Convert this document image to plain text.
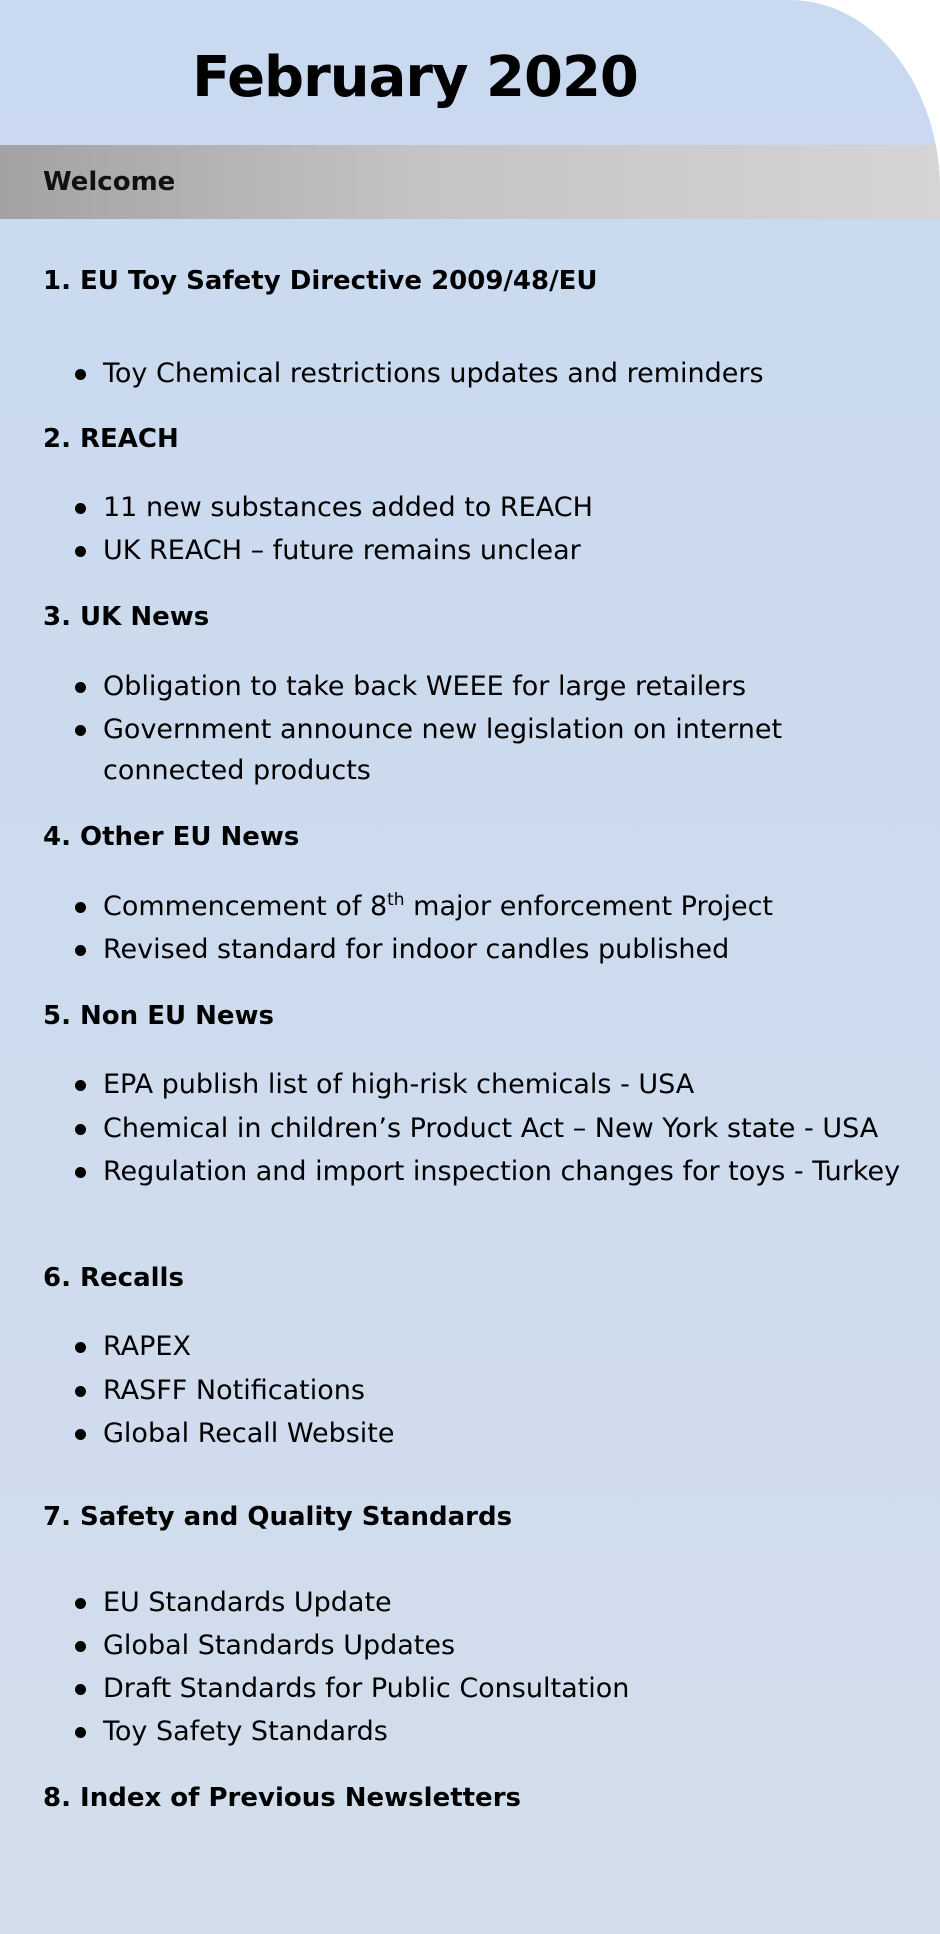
February 2020
Welcome
1. EU Toy Safety Directive 2009/48/EU
Toy Chemical restrictions updates and reminders
2. REACH
11 new substances added to REACH
UK REACH – future remains unclear
3. UK News
Obligation to take back WEEE for large retailers
Government announce new legislation on internet connected products
4. Other EU News
Commencement of 8th major enforcement Project
Revised standard for indoor candles published
5. Non EU News
EPA publish list of high-risk chemicals - USA
Chemical in children’s Product Act – New York state - USA
Regulation and import inspection changes for toys - Turkey
6. Recalls
RAPEX
RASFF Notifications
Global Recall Website
7. Safety and Quality Standards
EU Standards Update
Global Standards Updates
Draft Standards for Public Consultation
Toy Safety Standards
8. Index of Previous Newsletters
